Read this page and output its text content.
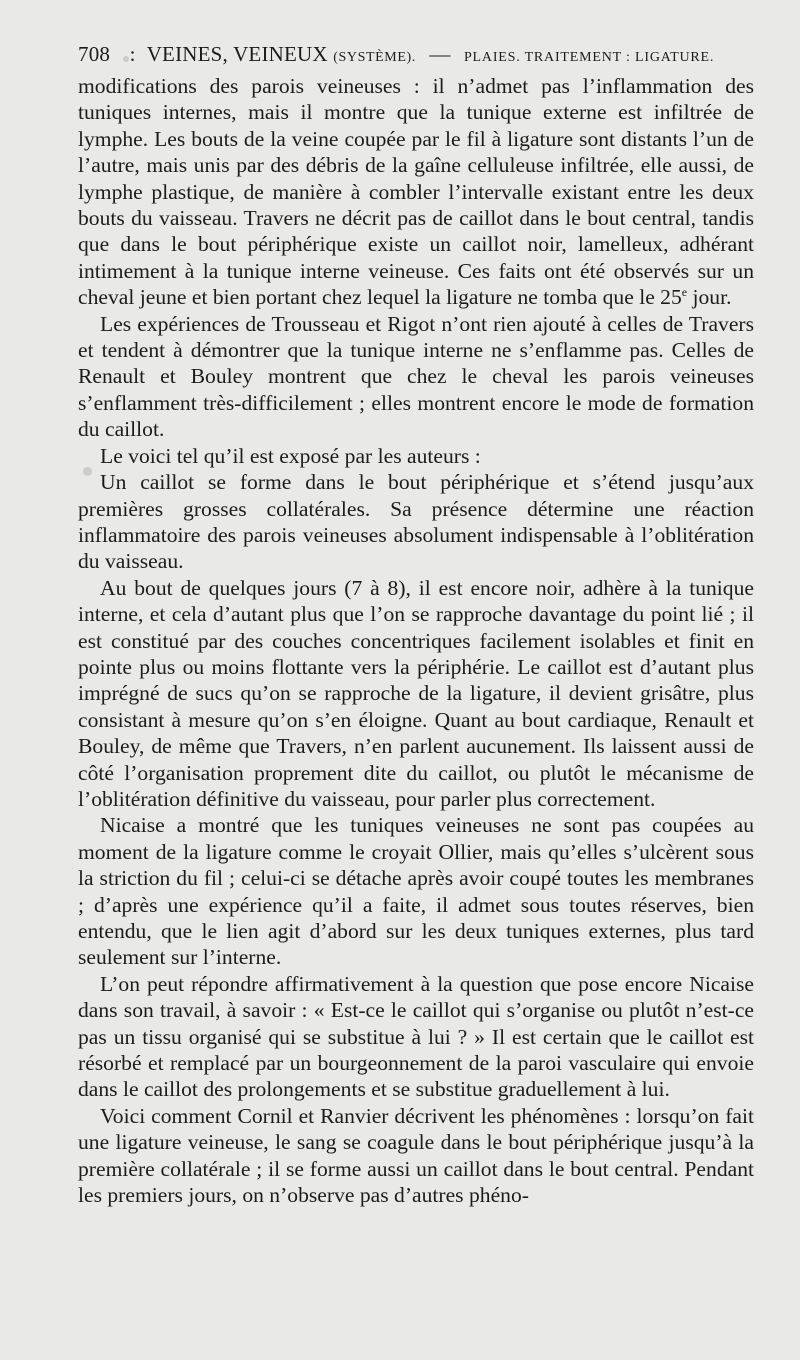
708 : VEINES, VEINEUX (SYSTÈME). — PLAIES. TRAITEMENT : LIGATURE.

modifications des parois veineuses : il n’admet pas l’inflammation des tuniques internes, mais il montre que la tunique externe est infiltrée de lymphe. Les bouts de la veine coupée par le fil à ligature sont distants l’un de l’autre, mais unis par des débris de la gaîne celluleuse infiltrée, elle aussi, de lymphe plastique, de manière à combler l’intervalle existant entre les deux bouts du vaisseau. Travers ne décrit pas de caillot dans le bout central, tandis que dans le bout périphérique existe un caillot noir, lamelleux, adhérant intimement à la tunique interne veineuse. Ces faits ont été observés sur un cheval jeune et bien portant chez lequel la ligature ne tomba que le 25e jour.

Les expériences de Trousseau et Rigot n’ont rien ajouté à celles de Travers et tendent à démontrer que la tunique interne ne s’enflamme pas. Celles de Renault et Bouley montrent que chez le cheval les parois veineuses s’enflamment très-difficilement ; elles montrent encore le mode de formation du caillot.

Le voici tel qu’il est exposé par les auteurs :

Un caillot se forme dans le bout périphérique et s’étend jusqu’aux premières grosses collatérales. Sa présence détermine une réaction inflammatoire des parois veineuses absolument indispensable à l’oblitération du vaisseau.

Au bout de quelques jours (7 à 8), il est encore noir, adhère à la tunique interne, et cela d’autant plus que l’on se rapproche davantage du point lié ; il est constitué par des couches concentriques facilement isolables et finit en pointe plus ou moins flottante vers la périphérie. Le caillot est d’autant plus imprégné de sucs qu’on se rapproche de la ligature, il devient grisâtre, plus consistant à mesure qu’on s’en éloigne. Quant au bout cardiaque, Renault et Bouley, de même que Travers, n’en parlent aucunement. Ils laissent aussi de côté l’organisation proprement dite du caillot, ou plutôt le mécanisme de l’oblitération définitive du vaisseau, pour parler plus correctement.

Nicaise a montré que les tuniques veineuses ne sont pas coupées au moment de la ligature comme le croyait Ollier, mais qu’elles s’ulcèrent sous la striction du fil ; celui-ci se détache après avoir coupé toutes les membranes ; d’après une expérience qu’il a faite, il admet sous toutes réserves, bien entendu, que le lien agit d’abord sur les deux tuniques externes, plus tard seulement sur l’interne.

L’on peut répondre affirmativement à la question que pose encore Nicaise dans son travail, à savoir : « Est-ce le caillot qui s’organise ou plutôt n’est-ce pas un tissu organisé qui se substitue à lui ? » Il est certain que le caillot est résorbé et remplacé par un bourgeonnement de la paroi vasculaire qui envoie dans le caillot des prolongements et se substitue graduellement à lui.

Voici comment Cornil et Ranvier décrivent les phénomènes : lorsqu’on fait une ligature veineuse, le sang se coagule dans le bout périphérique jusqu’à la première collatérale ; il se forme aussi un caillot dans le bout central. Pendant les premiers jours, on n’observe pas d’autres phéno-
